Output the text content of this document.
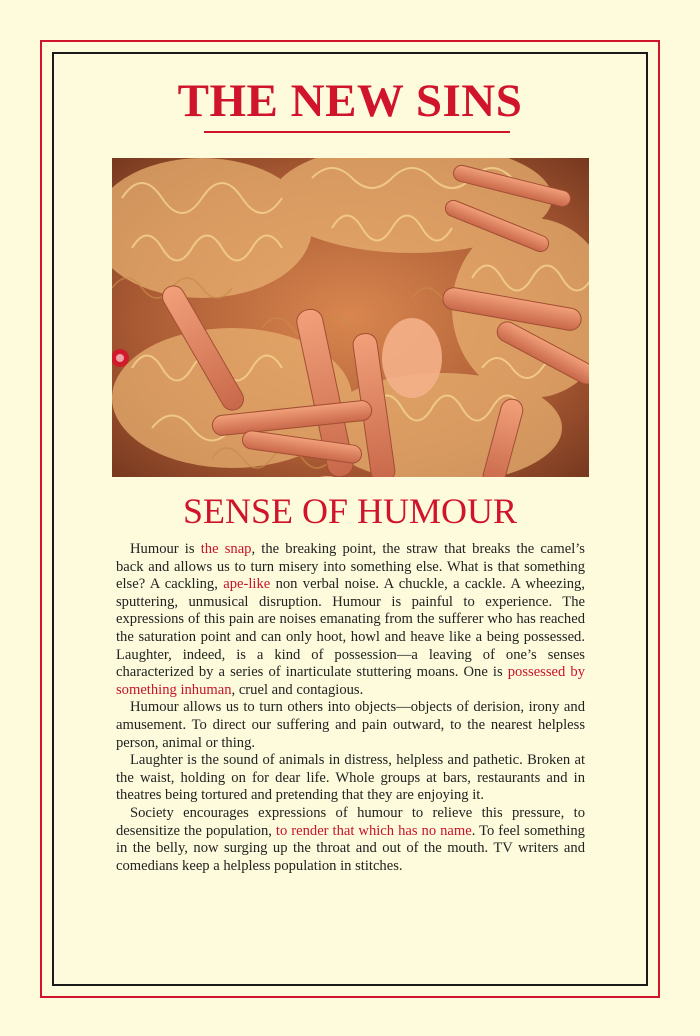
THE NEW SINS
SENSE OF HUMOUR

Humour is the snap, the breaking point, the straw that breaks the camel’s back and allows us to turn misery into something else. What is that something else? A cackling, ape-like non verbal noise. A chuckle, a cackle. A wheezing, sputtering, unmusical disruption. Humour is painful to experience. The expressions of this pain are noises emanating from the sufferer who has reached the saturation point and can only hoot, howl and heave like a being possessed. Laughter, indeed, is a kind of possession—a leaving of one’s senses characterized by a series of inarticulate stuttering moans. One is possessed by something inhuman, cruel and contagious.

Humour allows us to turn others into objects—objects of derision, irony and amusement. To direct our suffering and pain outward, to the nearest helpless person, animal or thing.

Laughter is the sound of animals in distress, helpless and pathetic. Broken at the waist, holding on for dear life. Whole groups at bars, restaurants and in theatres being tortured and pretending that they are enjoying it.

Society encourages expressions of humour to relieve this pressure, to desensitize the population, to render that which has no name. To feel something in the belly, now surging up the throat and out of the mouth. TV writers and comedians keep a helpless population in stitches.
